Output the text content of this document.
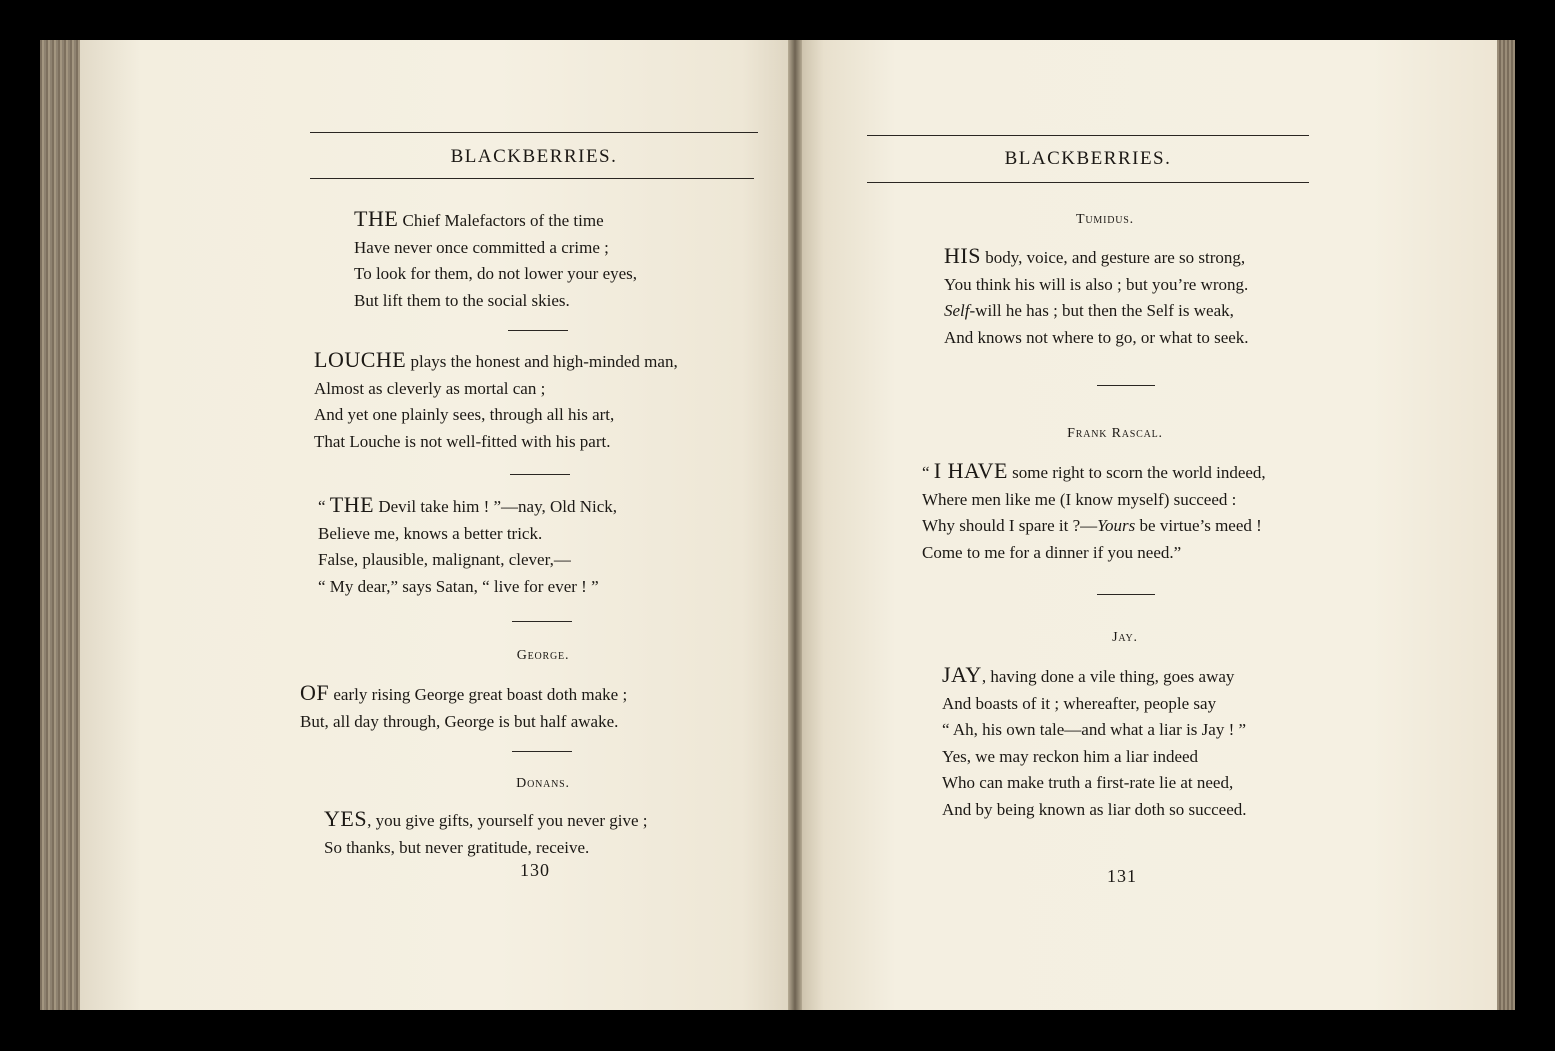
BLACKBERRIES.
THE Chief Malefactors of the time
Have never once committed a crime ;
To look for them, do not lower your eyes,
But lift them to the social skies.
LOUCHE plays the honest and high-minded man,
Almost as cleverly as mortal can ;
And yet one plainly sees, through all his art,
That Louche is not well-fitted with his part.
“ THE Devil take him ! ”—nay, Old Nick,
Believe me, knows a better trick.
False, plausible, malignant, clever,—
“ My dear,” says Satan, “ live for ever ! ”
George.
OF early rising George great boast doth make ;
But, all day through, George is but half awake.
Donans.
YES, you give gifts, yourself you never give ;
So thanks, but never gratitude, receive.
130
BLACKBERRIES.
Tumidus.
HIS body, voice, and gesture are so strong,
You think his will is also ; but you’re wrong.
Self-will he has ; but then the Self is weak,
And knows not where to go, or what to seek.
Frank Rascal.
“ I HAVE some right to scorn the world indeed,
Where men like me (I know myself) succeed :
Why should I spare it ?—Yours be virtue’s meed !
Come to me for a dinner if you need.”
Jay.
JAY, having done a vile thing, goes away
And boasts of it ; whereafter, people say
“ Ah, his own tale—and what a liar is Jay ! ”
Yes, we may reckon him a liar indeed
Who can make truth a first-rate lie at need,
And by being known as liar doth so succeed.
131
